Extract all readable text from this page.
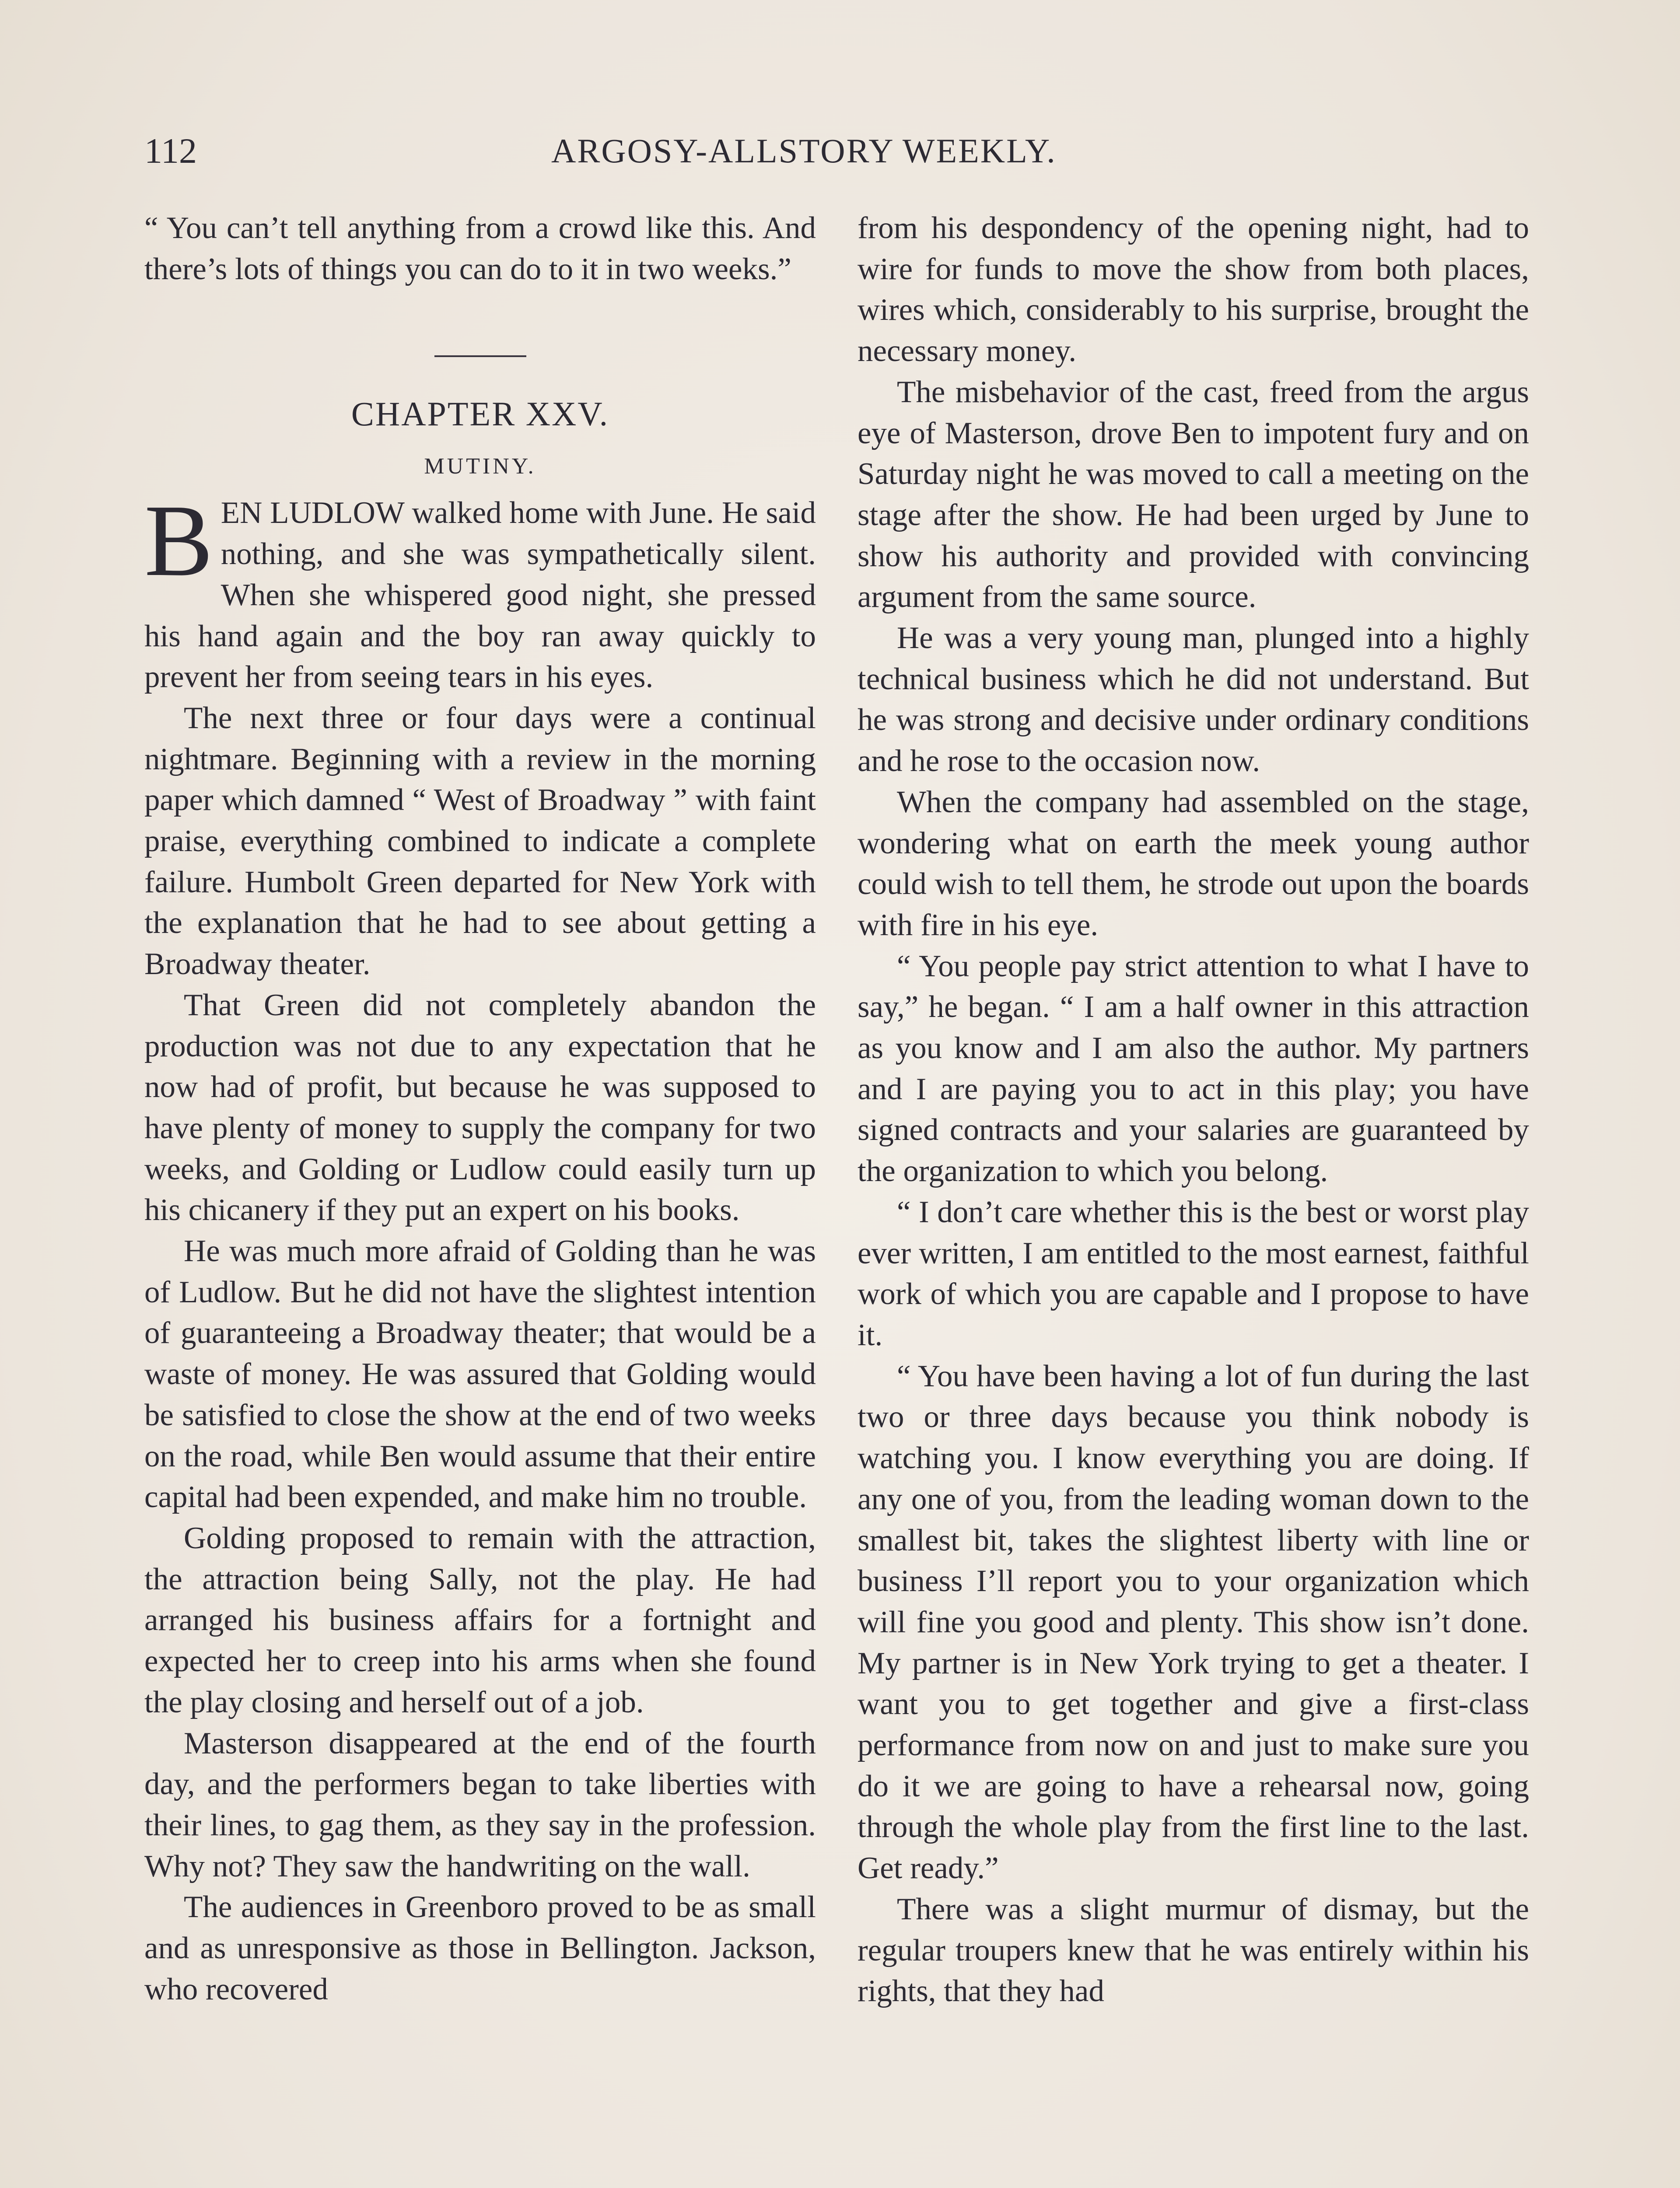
112	ARGOSY-ALLSTORY WEEKLY.

“ You can’t tell anything from a crowd like this. And there’s lots of things you can do to it in two weeks.”

CHAPTER XXV.
MUTINY.

BEN LUDLOW walked home with June. He said nothing, and she was sympathetically silent. When she whispered good night, she pressed his hand again and the boy ran away quickly to prevent her from seeing tears in his eyes.

The next three or four days were a continual nightmare. Beginning with a review in the morning paper which damned “ West of Broadway ” with faint praise, everything combined to indicate a complete failure. Humbolt Green departed for New York with the explanation that he had to see about getting a Broadway theater.

That Green did not completely abandon the production was not due to any expectation that he now had of profit, but because he was supposed to have plenty of money to supply the company for two weeks, and Golding or Ludlow could easily turn up his chicanery if they put an expert on his books.

He was much more afraid of Golding than he was of Ludlow. But he did not have the slightest intention of guaranteeing a Broadway theater; that would be a waste of money. He was assured that Golding would be satisfied to close the show at the end of two weeks on the road, while Ben would assume that their entire capital had been expended, and make him no trouble.

Golding proposed to remain with the attraction, the attraction being Sally, not the play. He had arranged his business affairs for a fortnight and expected her to creep into his arms when she found the play closing and herself out of a job.

Masterson disappeared at the end of the fourth day, and the performers began to take liberties with their lines, to gag them, as they say in the profession. Why not? They saw the handwriting on the wall.

The audiences in Greenboro proved to be as small and as unresponsive as those in Bellington. Jackson, who recovered

from his despondency of the opening night, had to wire for funds to move the show from both places, wires which, considerably to his surprise, brought the necessary money.

The misbehavior of the cast, freed from the argus eye of Masterson, drove Ben to impotent fury and on Saturday night he was moved to call a meeting on the stage after the show. He had been urged by June to show his authority and provided with convincing argument from the same source.

He was a very young man, plunged into a highly technical business which he did not understand. But he was strong and decisive under ordinary conditions and he rose to the occasion now.

When the company had assembled on the stage, wondering what on earth the meek young author could wish to tell them, he strode out upon the boards with fire in his eye.

“ You people pay strict attention to what I have to say,” he began. “ I am a half owner in this attraction as you know and I am also the author. My partners and I are paying you to act in this play; you have signed contracts and your salaries are guaranteed by the organization to which you belong.

“ I don’t care whether this is the best or worst play ever written, I am entitled to the most earnest, faithful work of which you are capable and I propose to have it.

“ You have been having a lot of fun during the last two or three days because you think nobody is watching you. I know everything you are doing. If any one of you, from the leading woman down to the smallest bit, takes the slightest liberty with line or business I’ll report you to your organization which will fine you good and plenty. This show isn’t done. My partner is in New York trying to get a theater. I want you to get together and give a first-class performance from now on and just to make sure you do it we are going to have a rehearsal now, going through the whole play from the first line to the last. Get ready.”

There was a slight murmur of dismay, but the regular troupers knew that he was entirely within his rights, that they had
